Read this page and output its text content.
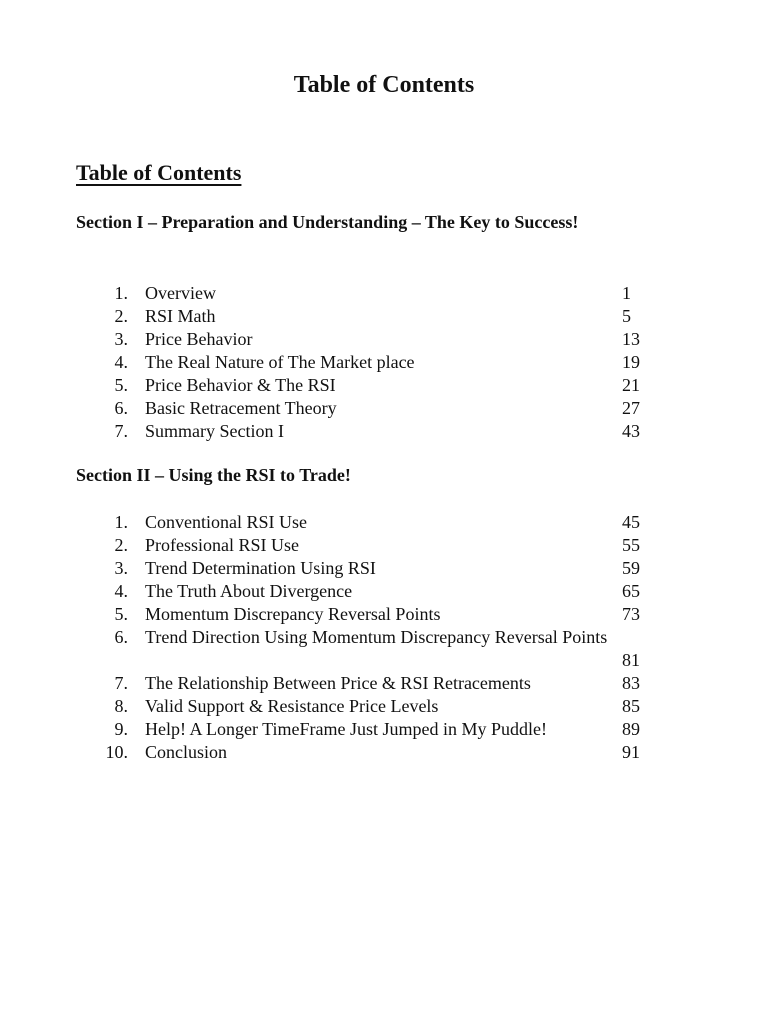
Table of Contents
Table of Contents
Section I – Preparation and Understanding – The Key to Success!
1. Overview	1
2. RSI Math	5
3. Price Behavior	13
4. The Real Nature of The Market place	19
5. Price Behavior & The RSI	21
6. Basic Retracement Theory	27
7. Summary Section I	43
Section II – Using the RSI to Trade!
1. Conventional RSI Use	45
2. Professional RSI Use	55
3. Trend Determination Using RSI	59
4. The Truth About Divergence	65
5. Momentum Discrepancy Reversal Points	73
6. Trend Direction Using Momentum Discrepancy Reversal Points
81
7. The Relationship Between Price & RSI Retracements	83
8. Valid Support & Resistance Price Levels	85
9. Help! A Longer TimeFrame Just Jumped in My Puddle!	89
10. Conclusion	91
